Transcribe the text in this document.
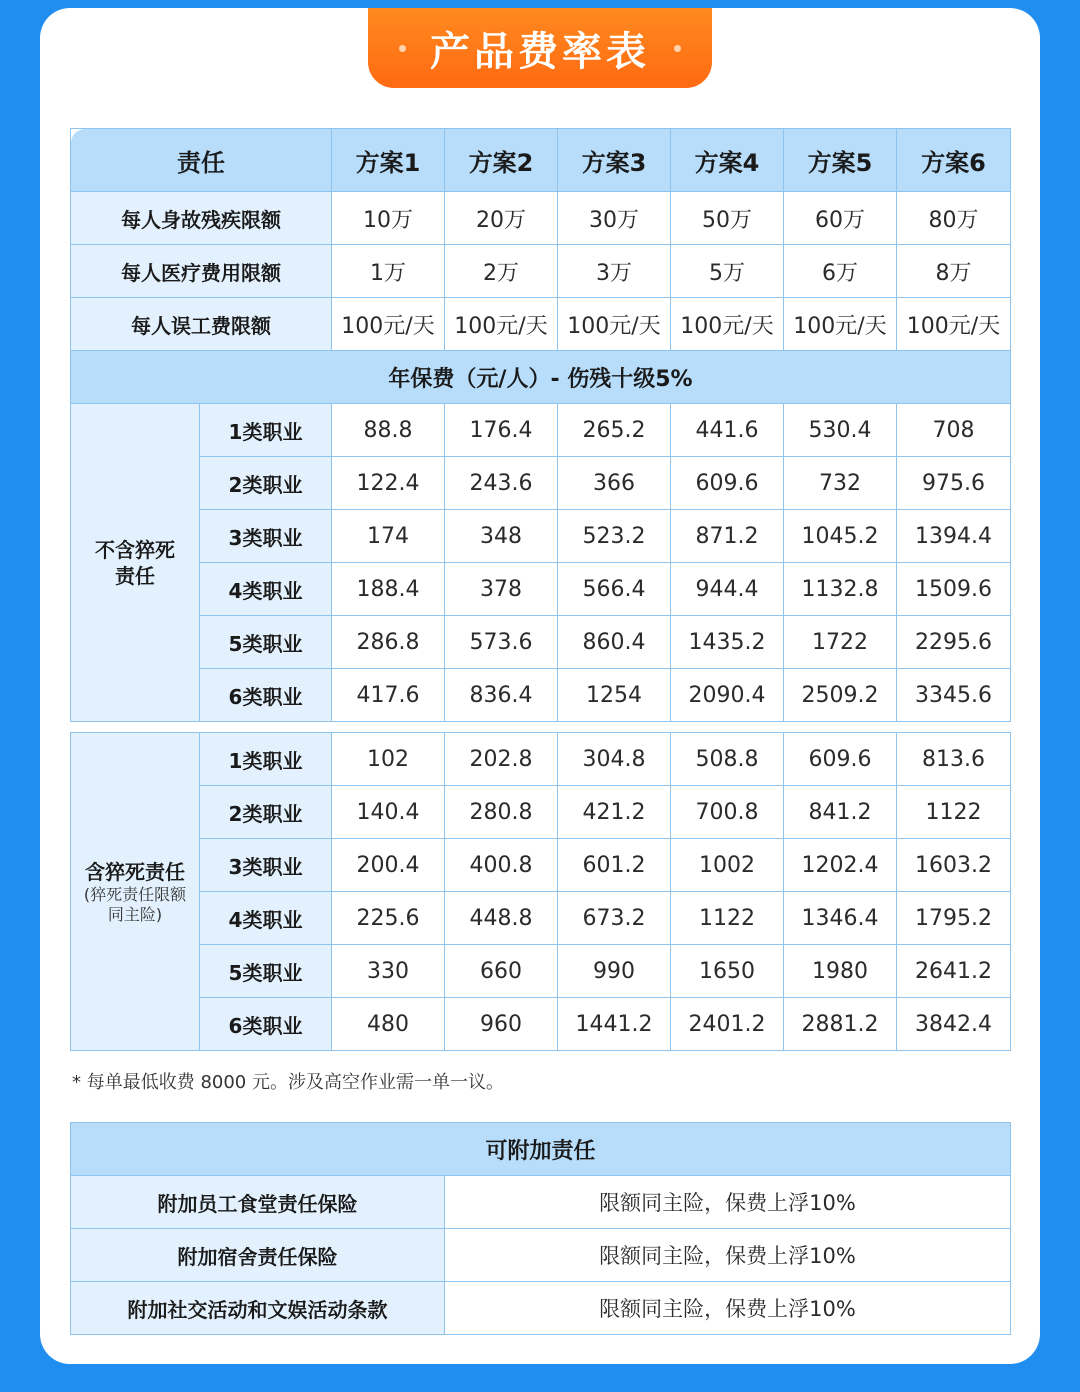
产品费率表
责任		方案1	方案2	方案3	方案4	方案5	方案6
每人身故残疾限额		10万	20万	30万	50万	60万	80万
每人医疗费用限额		1万	2万	3万	5万	6万	8万
每人误工费限额		100元/天	100元/天	100元/天	100元/天	100元/天	100元/天
年保费（元/人）- 伤残十级5%							

不含猝死责任	1类职业	88.8	176.4	265.2	441.6	530.4	708
	2类职业	122.4	243.6	366	609.6	732	975.6
	3类职业	174	348	523.2	871.2	1045.2	1394.4
	4类职业	188.4	378	566.4	944.4	1132.8	1509.6
	5类职业	286.8	573.6	860.4	1435.2	1722	2295.6
	6类职业	417.6	836.4	1254	2090.4	2509.2	3345.6
含猝死责任
(猝死责任限额同主险)	1类职业	102	202.8	304.8	508.8	609.6	813.6
	2类职业	140.4	280.8	421.2	700.8	841.2	1122
	3类职业	200.4	400.8	601.2	1002	1202.4	1603.2
	4类职业	225.6	448.8	673.2	1122	1346.4	1795.2
	5类职业	330	660	990	1650	1980	2641.2
	6类职业	480	960	1441.2	2401.2	2881.2	3842.4
* 每单最低收费 8000 元。涉及高空作业需一单一议。
可附加责任	
附加员工食堂责任保险	限额同主险，保费上浮10%
附加宿舍责任保险	限额同主险，保费上浮10%
附加社交活动和文娱活动条款	限额同主险，保费上浮10%
